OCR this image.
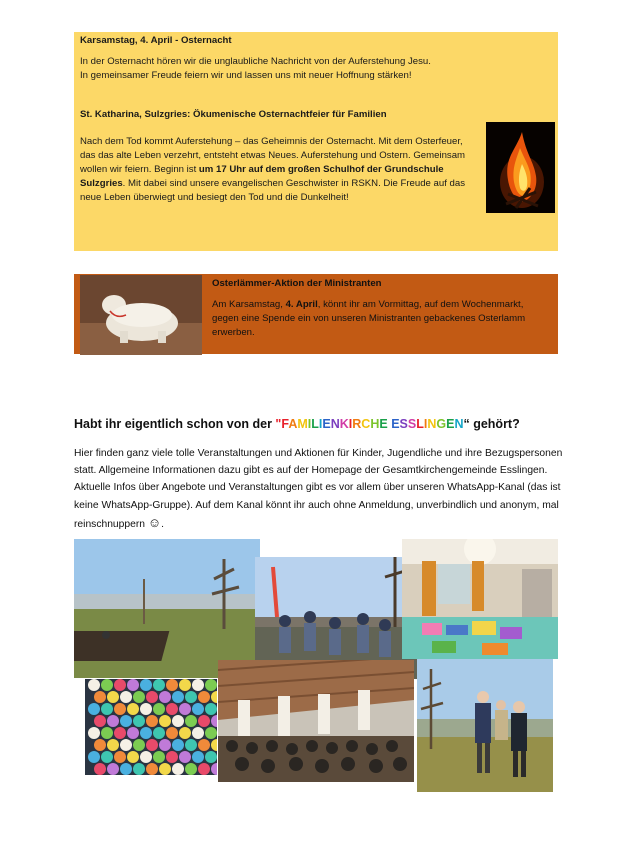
Karsamstag, 4. April - Osternacht

In der Osternacht hören wir die unglaubliche Nachricht von der Auferstehung Jesu.

In gemeinsamer Freude feiern wir und lassen uns mit neuer Hoffnung stärken!

St. Katharina, Sulzgries: Ökumenische Osternachtfeier für Familien

Nach dem Tod kommt Auferstehung – das Geheimnis der Osternacht. Mit dem Osterfeuer, das das alte Leben verzehrt, entsteht etwas Neues. Auferstehung und Ostern. Gemeinsam wollen wir feiern. Beginn ist um 17 Uhr auf dem großen Schulhof der Grundschule Sulzgries. Mit dabei sind unsere evangelischen Geschwister in RSKN. Die Freude auf das neue Leben überwiegt und besiegt den Tod und die Dunkelheit!

Osterlämmer-Aktion der Ministranten

Am Karsamstag, 4. April, könnt ihr am Vormittag, auf dem Wochenmarkt, gegen eine Spende ein von unseren Ministranten gebackenes Osterlamm erwerben.

Habt ihr eigentlich schon von der "FAMILIENKIRCHE ESSLINGEN“ gehört?

Hier finden ganz viele tolle Veranstaltungen und Aktionen für Kinder, Jugendliche und ihre Bezugspersonen statt. Allgemeine Informationen dazu gibt es auf der Homepage der Gesamtkirchengemeinde Esslingen. Aktuelle Infos über Angebote und Veranstaltungen gibt es vor allem über unseren WhatsApp-Kanal (das ist keine WhatsApp-Gruppe). Auf dem Kanal könnt ihr auch ohne Anmeldung, unverbindlich und anonym, mal reinschnuppern ☺.
